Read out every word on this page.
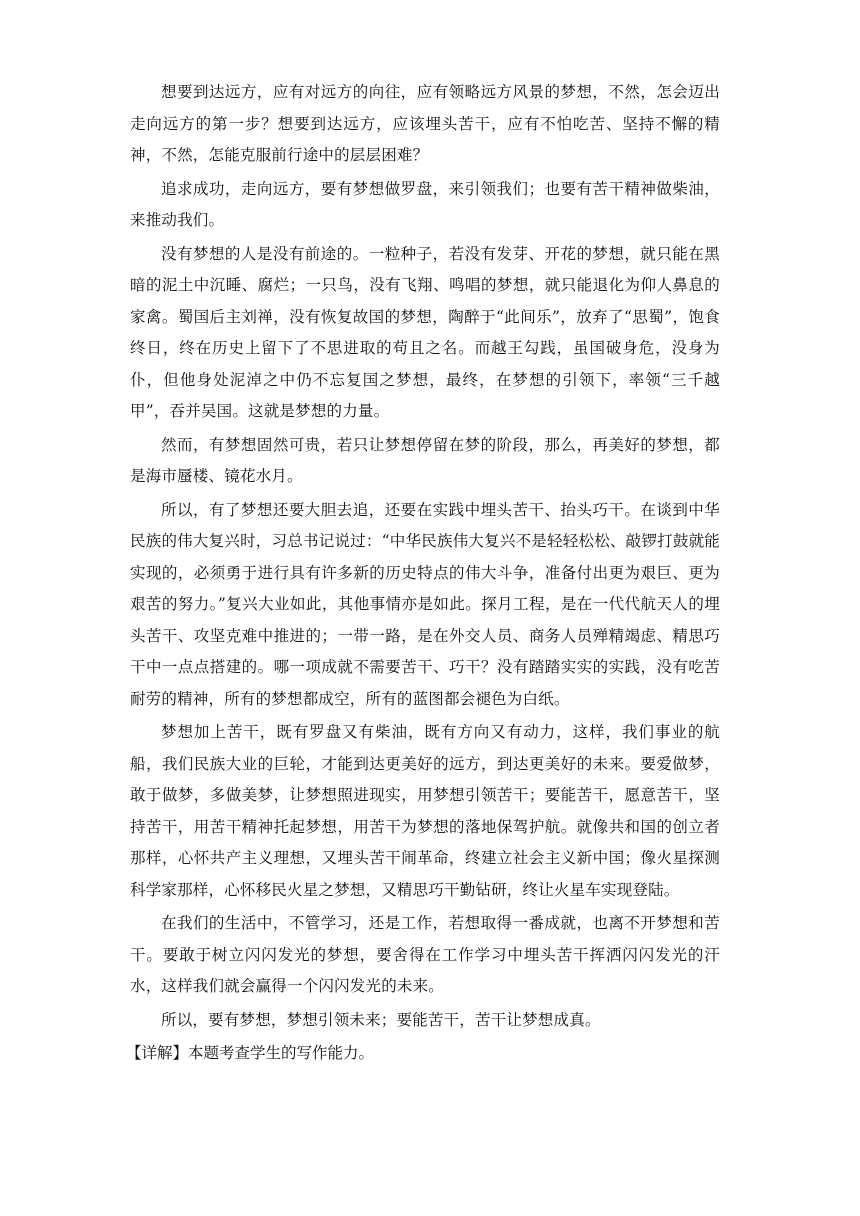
想要到达远方，应有对远方的向往，应有领略远方风景的梦想，不然，怎会迈出走向远方的第一步？想要到达远方，应该埋头苦干，应有不怕吃苦、坚持不懈的精神，不然，怎能克服前行途中的层层困难？

追求成功，走向远方，要有梦想做罗盘，来引领我们；也要有苦干精神做柴油，来推动我们。

没有梦想的人是没有前途的。一粒种子，若没有发芽、开花的梦想，就只能在黑暗的泥土中沉睡、腐烂；一只鸟，没有飞翔、鸣唱的梦想，就只能退化为仰人鼻息的家禽。蜀国后主刘禅，没有恢复故国的梦想，陶醉于“此间乐”，放弃了“思蜀”，饱食终日，终在历史上留下了不思进取的苟且之名。而越王勾践，虽国破身危，没身为仆，但他身处泥淖之中仍不忘复国之梦想，最终，在梦想的引领下，率领“三千越甲”，吞并吴国。这就是梦想的力量。

然而，有梦想固然可贵，若只让梦想停留在梦的阶段，那么，再美好的梦想，都是海市蜃楼、镜花水月。

所以，有了梦想还要大胆去追，还要在实践中埋头苦干、抬头巧干。在谈到中华民族的伟大复兴时，习总书记说过：“中华民族伟大复兴不是轻轻松松、敲锣打鼓就能实现的，必须勇于进行具有许多新的历史特点的伟大斗争，准备付出更为艰巨、更为艰苦的努力。”复兴大业如此，其他事情亦是如此。探月工程，是在一代代航天人的埋头苦干、攻坚克难中推进的；一带一路，是在外交人员、商务人员殚精竭虑、精思巧干中一点点搭建的。哪一项成就不需要苦干、巧干？没有踏踏实实的实践，没有吃苦耐劳的精神，所有的梦想都成空，所有的蓝图都会褪色为白纸。

梦想加上苦干，既有罗盘又有柴油，既有方向又有动力，这样，我们事业的航船，我们民族大业的巨轮，才能到达更美好的远方，到达更美好的未来。要爱做梦，敢于做梦，多做美梦，让梦想照进现实，用梦想引领苦干；要能苦干，愿意苦干，坚持苦干，用苦干精神托起梦想，用苦干为梦想的落地保驾护航。就像共和国的创立者那样，心怀共产主义理想，又埋头苦干闹革命，终建立社会主义新中国；像火星探测科学家那样，心怀移民火星之梦想，又精思巧干勤钻研，终让火星车实现登陆。

在我们的生活中，不管学习，还是工作，若想取得一番成就，也离不开梦想和苦干。要敢于树立闪闪发光的梦想，要舍得在工作学习中埋头苦干挥洒闪闪发光的汗水，这样我们就会赢得一个闪闪发光的未来。

所以，要有梦想，梦想引领未来；要能苦干，苦干让梦想成真。

【详解】本题考查学生的写作能力。
